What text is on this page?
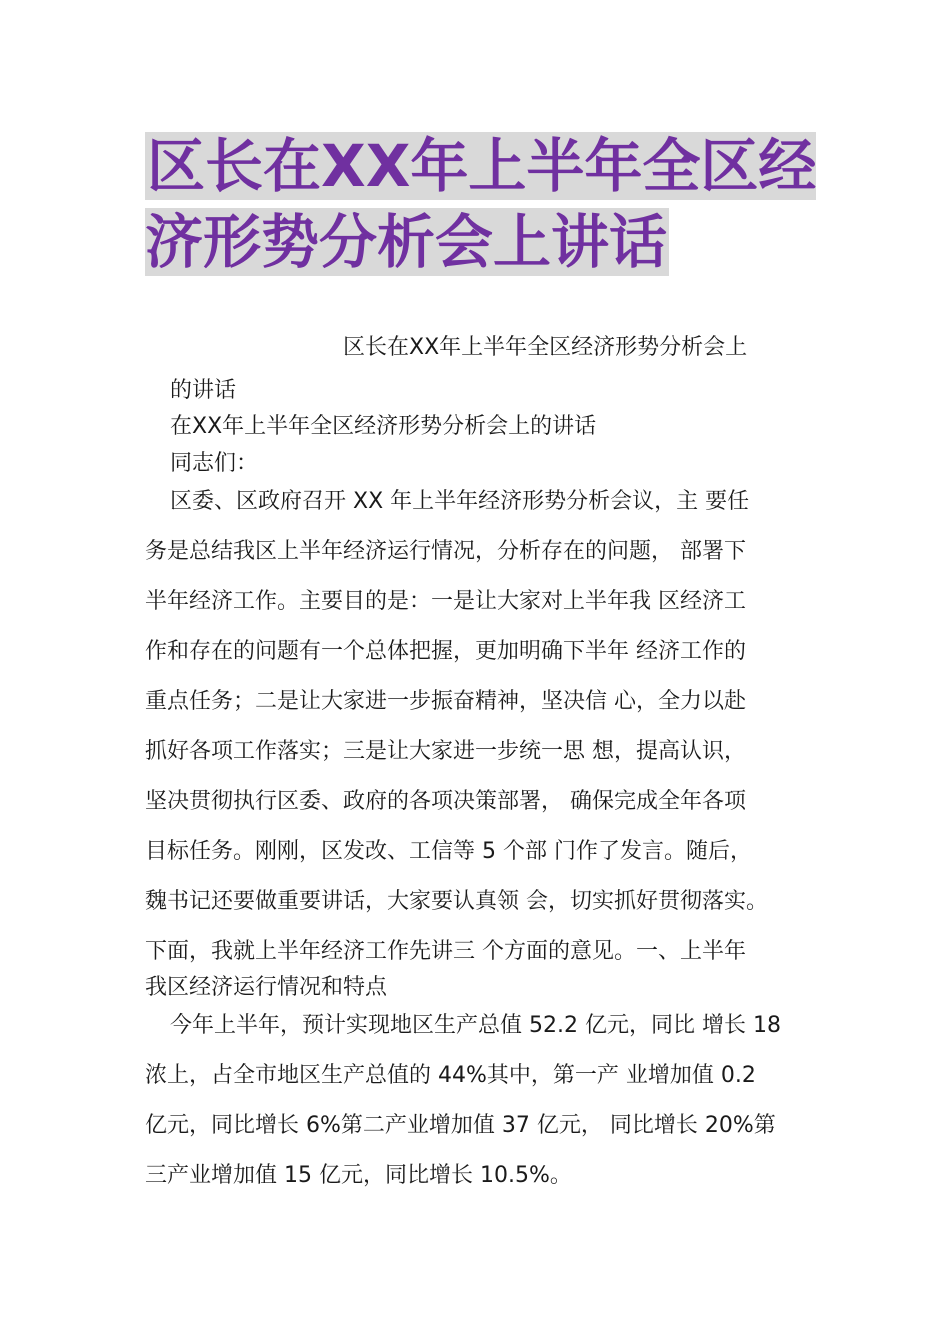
区长在XX年上半年全区经济形势分析会上讲话
区长在XX年上半年全区经济形势分析会上
的讲话
在XX年上半年全区经济形势分析会上的讲话
同志们：
区委、区政府召开 XX 年上半年经济形势分析会议，主 要任
务是总结我区上半年经济运行情况，分析存在的问题， 部署下
半年经济工作。主要目的是：一是让大家对上半年我 区经济工
作和存在的问题有一个总体把握，更加明确下半年 经济工作的
重点任务；二是让大家进一步振奋精神，坚决信 心，全力以赴
抓好各项工作落实；三是让大家进一步统一思 想，提高认识，
坚决贯彻执行区委、政府的各项决策部署， 确保完成全年各项
目标任务。刚刚，区发改、工信等 5 个部 门作了发言。随后，
魏书记还要做重要讲话，大家要认真领 会，切实抓好贯彻落实。
下面，我就上半年经济工作先讲三 个方面的意见。一、上半年
我区经济运行情况和特点
今年上半年，预计实现地区生产总值 52.2 亿元，同比 增长 18
浓上，占全市地区生产总值的 44%其中，第一产 业增加值 0.2
亿元，同比增长 6%第二产业增加值 37 亿元， 同比增长 20%第
三产业增加值 15 亿元，同比增长 10.5%。
